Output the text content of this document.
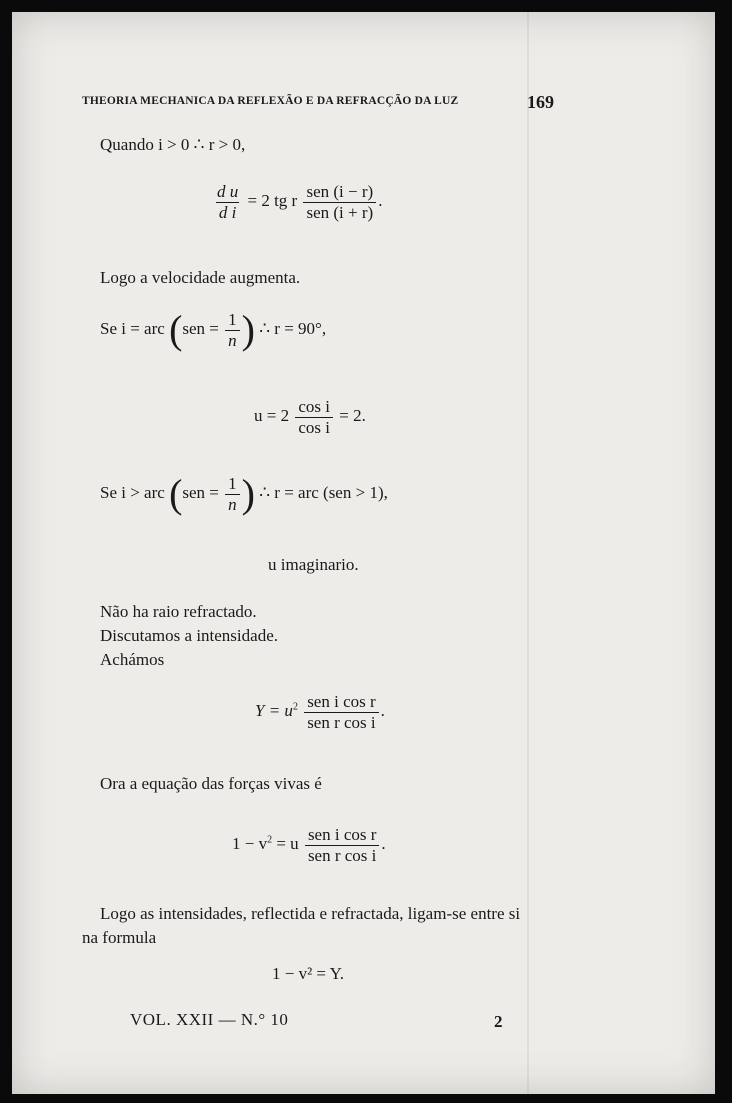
THEORIA MECHANICA DA REFLEXÃO E DA REFRACÇÃO DA LUZ	169
Quando i > 0 ∴ r > 0,
$\frac{\text{d u}}{\text{d i}} = 2$ tg r $\frac{\text{sen (i − r)}}{\text{sen (i + r)}}$ .
Logo a velocidade augmenta.
Se i = arc ($sen = \frac{1}{n}$ ) ∴ r = 90°,
$u = 2 \frac{\text{cos i}}{\text{cos i}} = 2$.
Se i > arc ($sen = \frac{1}{n}$ ) ∴ r = arc (sen > 1),
u imaginario.
Não ha raio refractado.
Discutamos a intensidade.
Achámos
$Y = u^2 \frac{\text{sen i cos r}}{\text{sen r cos i}}$ .
Ora a equação das forças vivas é
$1 - v^2 = u \frac{\text{sen i cos r}}{\text{sen r cos i}}$ .
Logo as intensidades, reflectida e refractada, ligam-se entre si
na formula
1 − v² = Y.
VOL. XXII — N.° 10	2
